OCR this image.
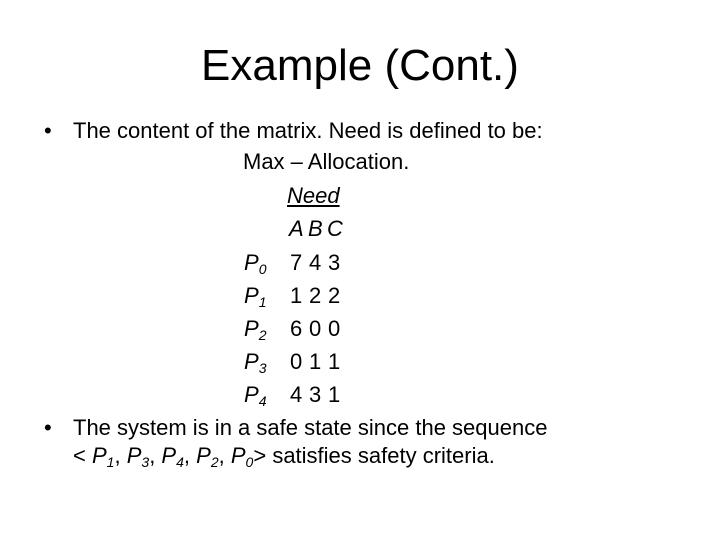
Example (Cont.)
• The content of the matrix. Need is defined to be:
Max – Allocation.
Need
A B C
$P_0$ 7 4 3
$P_1$ 1 2 2
$P_2$ 6 0 0
$P_3$ 0 1 1
$P_4$ 4 3 1
• The system is in a safe state since the sequence
< $P_1$, $P_3$, $P_4$, $P_2$, $P_0>$ satisfies safety criteria.
